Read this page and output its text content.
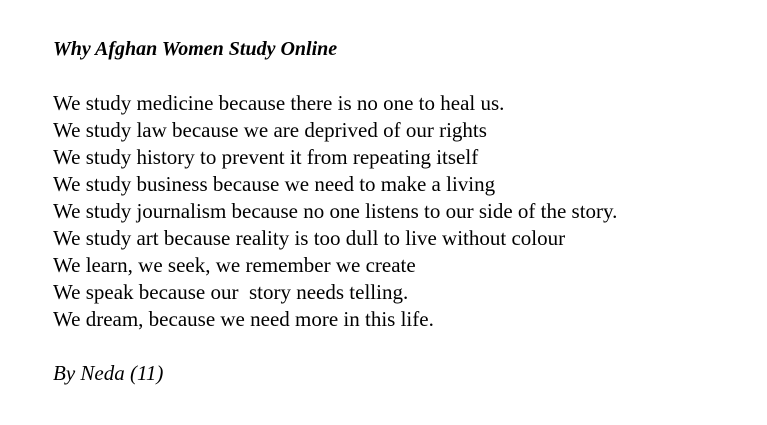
Why Afghan Women Study Online
We study medicine because there is no one to heal us.
We study law because we are deprived of our rights
We study history to prevent it from repeating itself
We study business because we need to make a living
We study journalism because no one listens to our side of the story.
We study art because reality is too dull to live without colour
We learn, we seek, we remember we create
We speak because our  story needs telling.
We dream, because we need more in this life.
By Neda (11)
